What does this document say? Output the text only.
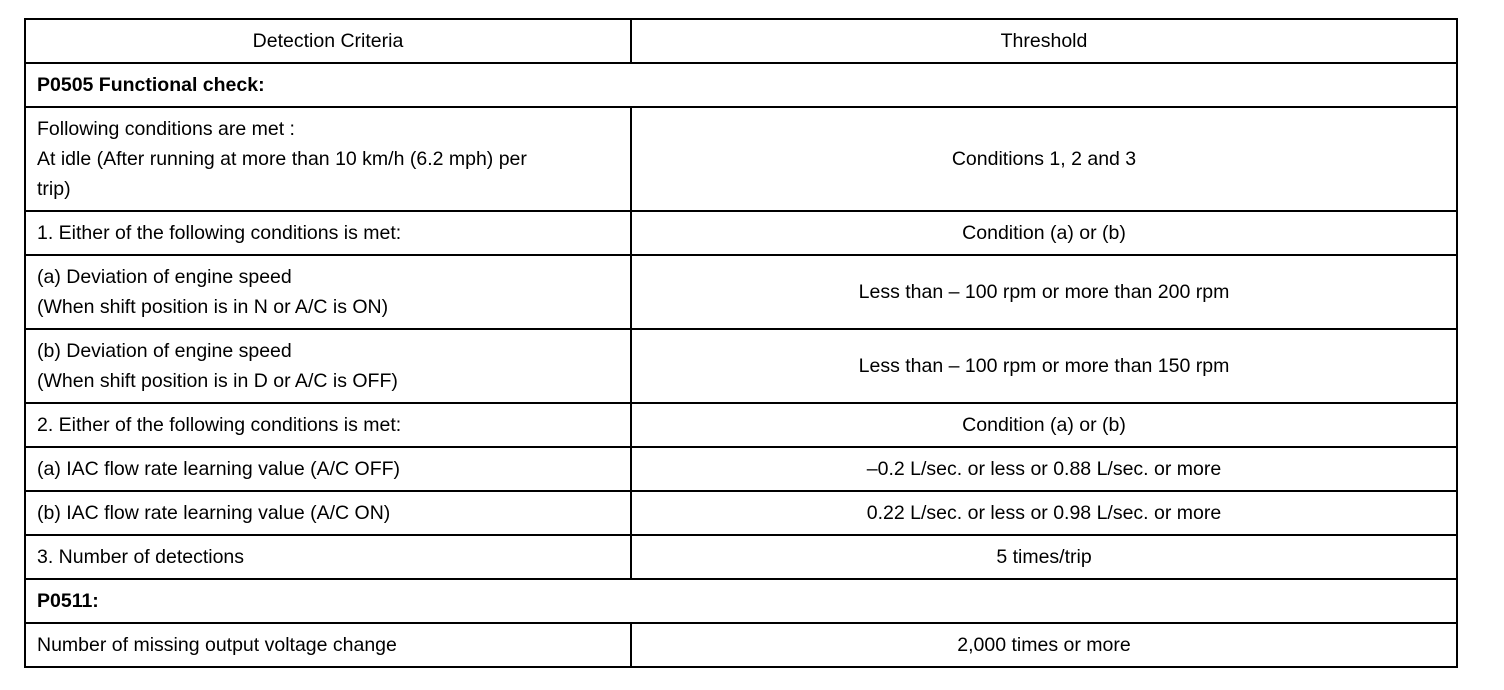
Detection Criteria	Threshold
P0505 Functional check:	

Following conditions are met :
At idle (After running at more than 10 km/h (6.2 mph) per
trip)	Conditions 1, 2 and 3

1. Either of the following conditions is met:	Condition (a) or (b)

(a) Deviation of engine speed
(When shift position is in N or A/C is ON)	Less than – 100 rpm or more than 200 rpm

(b) Deviation of engine speed
(When shift position is in D or A/C is OFF)	Less than – 100 rpm or more than 150 rpm

2. Either of the following conditions is met:	Condition (a) or (b)

(a) IAC flow rate learning value (A/C OFF)	–0.2 L/sec. or less or 0.88 L/sec. or more

(b) IAC flow rate learning value (A/C ON)	0.22 L/sec. or less or 0.98 L/sec. or more

3. Number of detections	5 times/trip
P0511:	

Number of missing output voltage change	2,000 times or more
